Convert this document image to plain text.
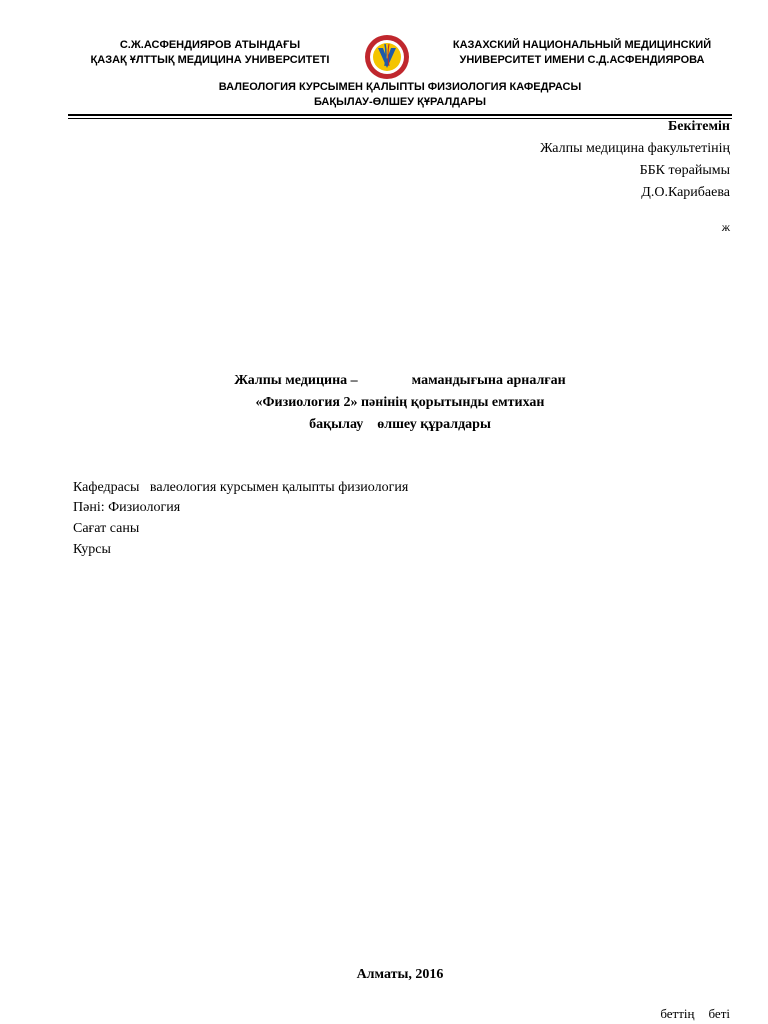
С.Ж.АСФЕНДИЯРОВ АТЫНДАҒЫ
ҚАЗАҚ ҰЛТТЫҚ МЕДИЦИНА УНИВЕРСИТЕТІ
КАЗАХСКИЙ НАЦИОНАЛЬНЫЙ МЕДИЦИНСКИЙ
УНИВЕРСИТЕТ ИМЕНИ С.Д.АСФЕНДИЯРОВА
ВАЛЕОЛОГИЯ КУРСЫМЕН ҚАЛЫПТЫ ФИЗИОЛОГИЯ КАФЕДРАСЫ
БАҚЫЛАУ-ӨЛШЕУ ҚҰРАЛДАРЫ
Бекітемін
Жалпы медицина факультетінің
ББК төрайымы
Д.О.Карибаева
ж
Жалпы медицина –	мамандығына арналған
«Физиология 2» пәнінің қорытынды емтихан
бақылау өлшеу құралдары
Кафедрасы   валеология курсымен қалыпты физиология
Пәні: Физиология
Сағат саны
Курсы
Алматы, 2016

беттің беті
